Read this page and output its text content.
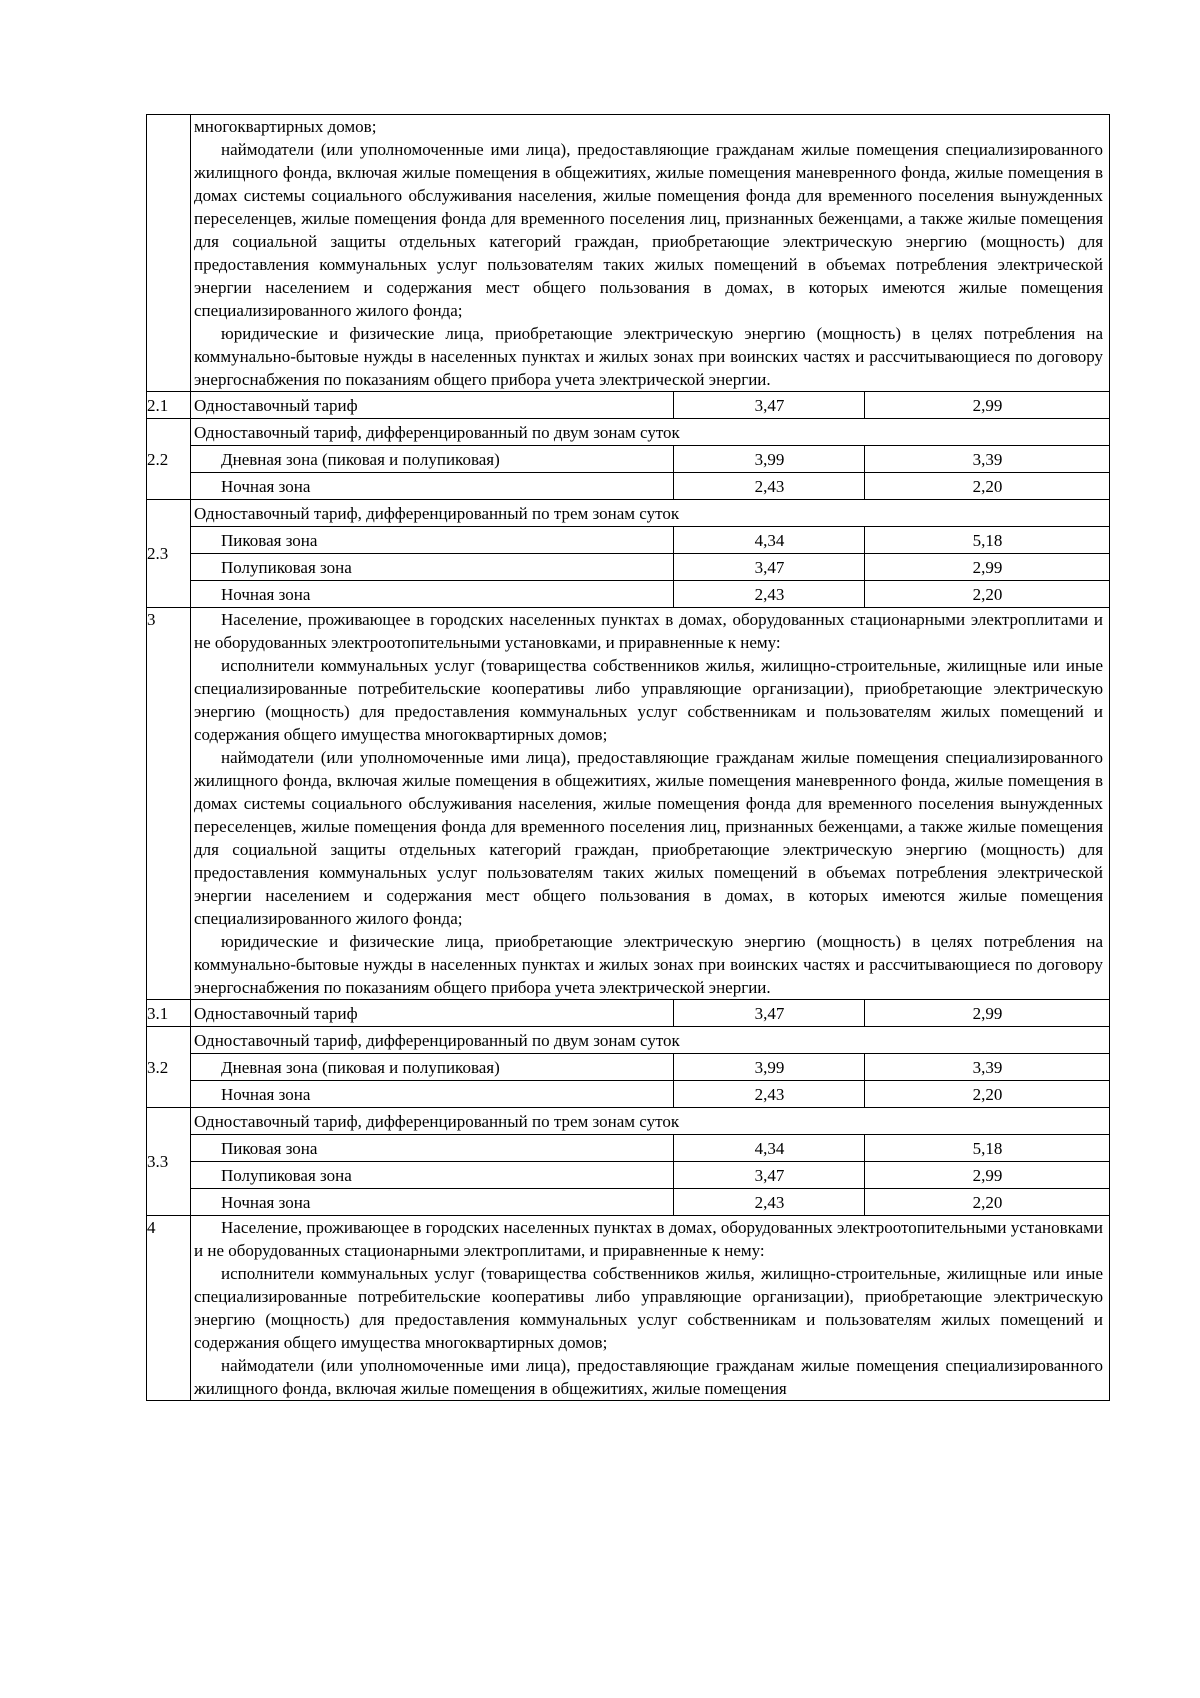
	многоквартирных домов;
наймодатели (или уполномоченные ими лица), предоставляющие гражданам жилые помещения специализированного жилищного фонда, включая жилые помещения в общежитиях, жилые помещения маневренного фонда, жилые помещения в домах системы социального обслуживания населения, жилые помещения фонда для временного поселения вынужденных переселенцев, жилые помещения фонда для временного поселения лиц, признанных беженцами, а также жилые помещения для социальной защиты отдельных категорий граждан, приобретающие электрическую энергию (мощность) для предоставления коммунальных услуг пользователям таких жилых помещений в объемах потребления электрической энергии населением и содержания мест общего пользования в домах, в которых имеются жилые помещения специализированного жилого фонда;
юридические и физические лица, приобретающие электрическую энергию (мощность) в целях потребления на коммунально-бытовые нужды в населенных пунктах и жилых зонах при воинских частях и рассчитывающиеся по договору энергоснабжения по показаниям общего прибора учета электрической энергии.		

2.1	Одноставочный тариф	3,47	2,99
2.2	Одноставочный тариф, дифференцированный по двум зонам суток		
	Дневная зона (пиковая и полупиковая)	3,99	3,39
	Ночная зона	2,43	2,20
2.3	Одноставочный тариф, дифференцированный по трем зонам суток		
	Пиковая зона	4,34	5,18
	Полупиковая зона	3,47	2,99
	Ночная зона	2,43	2,20
3	Население, проживающее в городских населенных пунктах в домах, оборудованных стационарными электроплитами и не оборудованных электроотопительными установками, и приравненные к нему:
исполнители коммунальных услуг (товарищества собственников жилья, жилищно-строительные, жилищные или иные специализированные потребительские кооперативы либо управляющие организации), приобретающие электрическую энергию (мощность) для предоставления коммунальных услуг собственникам и пользователям жилых помещений и содержания общего имущества многоквартирных домов;
наймодатели (или уполномоченные ими лица), предоставляющие гражданам жилые помещения специализированного жилищного фонда, включая жилые помещения в общежитиях, жилые помещения маневренного фонда, жилые помещения в домах системы социального обслуживания населения, жилые помещения фонда для временного поселения вынужденных переселенцев, жилые помещения фонда для временного поселения лиц, признанных беженцами, а также жилые помещения для социальной защиты отдельных категорий граждан, приобретающие электрическую энергию (мощность) для предоставления коммунальных услуг пользователям таких жилых помещений в объемах потребления электрической энергии населением и содержания мест общего пользования в домах, в которых имеются жилые помещения специализированного жилого фонда;
юридические и физические лица, приобретающие электрическую энергию (мощность) в целях потребления на коммунально-бытовые нужды в населенных пунктах и жилых зонах при воинских частях и рассчитывающиеся по договору энергоснабжения по показаниям общего прибора учета электрической энергии.		

3.1	Одноставочный тариф	3,47	2,99
3.2	Одноставочный тариф, дифференцированный по двум зонам суток		
	Дневная зона (пиковая и полупиковая)	3,99	3,39
	Ночная зона	2,43	2,20
3.3	Одноставочный тариф, дифференцированный по трем зонам суток		
	Пиковая зона	4,34	5,18
	Полупиковая зона	3,47	2,99
	Ночная зона	2,43	2,20
4	Население, проживающее в городских населенных пунктах в домах, оборудованных электроотопительными установками и не оборудованных стационарными электроплитами, и приравненные к нему:
исполнители коммунальных услуг (товарищества собственников жилья, жилищно-строительные, жилищные или иные специализированные потребительские кооперативы либо управляющие организации), приобретающие электрическую энергию (мощность) для предоставления коммунальных услуг собственникам и пользователям жилых помещений и содержания общего имущества многоквартирных домов;
наймодатели (или уполномоченные ими лица), предоставляющие гражданам жилые помещения специализированного жилищного фонда, включая жилые помещения в общежитиях, жилые помещения		
